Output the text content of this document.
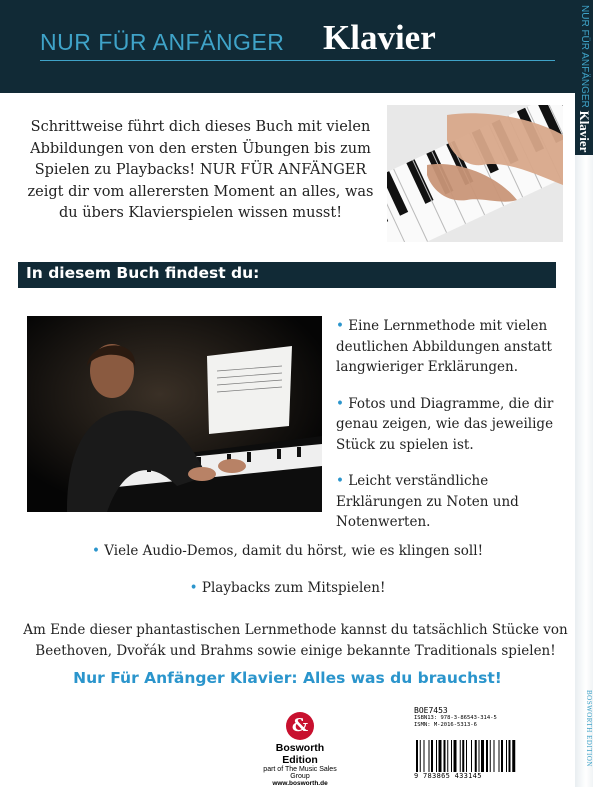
NUR FÜR ANFÄNGER Klavier	NUR FÜR ANFÄNGER Klavier
BOSWORTH EDITION
Schrittweise führt dich dieses Buch mit vielen Abbildungen von den ersten Übungen bis zum Spielen zu Playbacks! NUR FÜR ANFÄNGER zeigt dir vom allerersten Moment an alles, was du übers Klavierspielen wissen musst!
In diesem Buch findest du:

• Eine Lernmethode mit vielen deutlichen Abbildungen anstatt langwieriger Erklärungen.

• Fotos und Diagramme, die dir genau zeigen, wie das jeweilige Stück zu spielen ist.

• Leicht verständliche Erklärungen zu Noten und Notenwerten.

• Viele Audio-Demos, damit du hörst, wie es klingen soll!
• Playbacks zum Mitspielen!
Am Ende dieser phantastischen Lernmethode kannst du tatsächlich Stücke von Beethoven, Dvořák und Brahms sowie einige bekannte Traditionals spielen!
Nur Für Anfänger Klavier: Alles was du brauchst!
&
Bosworth Edition
part of The Music Sales Group
www.bosworth.de
BOE7453
ISBN13: 978-3-86543-314-5
ISMN: M-2016-5313-6
9 783865 433145
